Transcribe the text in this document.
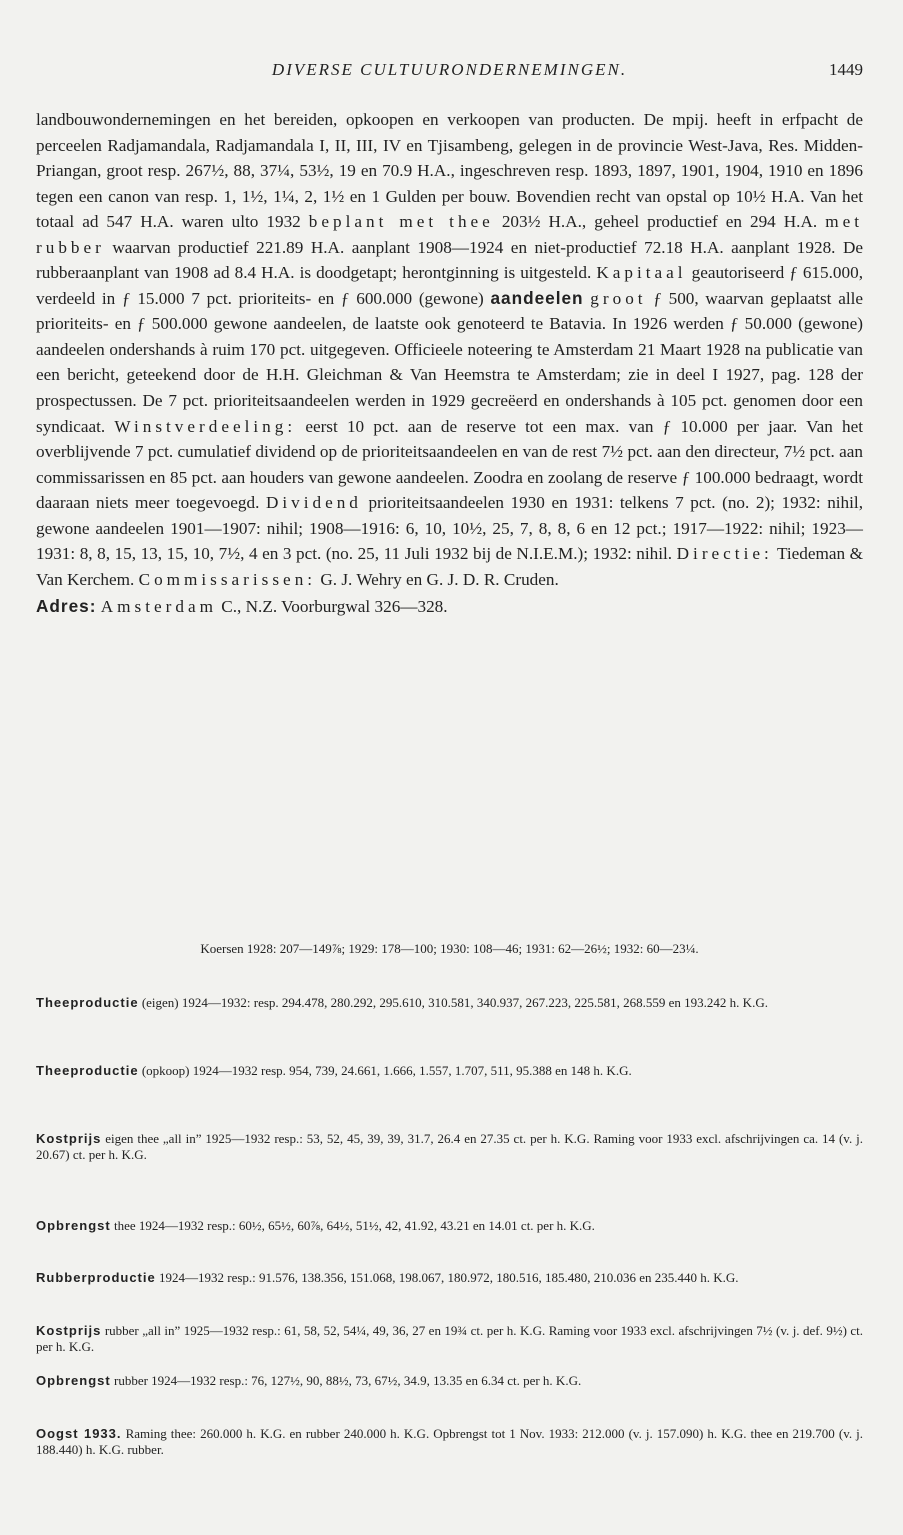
DIVERSE CULTUURONDERNEMINGEN.	1449

landbouwondernemingen en het bereiden, opkoopen en verkoopen van producten. De mpij. heeft in erfpacht de perceelen Radjamandala, Radjamandala I, II, III, IV en Tjisambeng, gelegen in de provincie West-Java, Res. Midden-Priangan, groot resp. 267½, 88, 37¼, 53½, 19 en 70.9 H.A., ingeschreven resp. 1893, 1897, 1901, 1904, 1910 en 1896 tegen een canon van resp. 1, 1½, 1¼, 2, 1½ en 1 Gulden per bouw. Bovendien recht van opstal op 10½ H.A. Van het totaal ad 547 H.A. waren ulto 1932 beplant met thee 203½ H.A., geheel productief en 294 H.A. met rubber waarvan productief 221.89 H.A. aanplant 1908—1924 en niet-productief 72.18 H.A. aanplant 1928. De rubberaanplant van 1908 ad 8.4 H.A. is doodgetapt; herontginning is uitgesteld. Kapitaal geautoriseerd ƒ 615.000, verdeeld in ƒ 15.000 7 pct. prioriteits- en ƒ 600.000 (gewone) aandeelen groot ƒ 500, waarvan geplaatst alle prioriteits- en ƒ 500.000 gewone aandeelen, de laatste ook genoteerd te Batavia. In 1926 werden ƒ 50.000 (gewone) aandeelen ondershands à ruim 170 pct. uitgegeven. Officieele noteering te Amsterdam 21 Maart 1928 na publicatie van een bericht, geteekend door de H.H. Gleichman & Van Heemstra te Amsterdam; zie in deel I 1927, pag. 128 der prospectussen. De 7 pct. prioriteitsaandeelen werden in 1929 gecreëerd en ondershands à 105 pct. genomen door een syndicaat. Winstverdeeling: eerst 10 pct. aan de reserve tot een max. van ƒ 10.000 per jaar. Van het overblijvende 7 pct. cumulatief dividend op de prioriteitsaandeelen en van de rest 7½ pct. aan den directeur, 7½ pct. aan commissarissen en 85 pct. aan houders van gewone aandeelen. Zoodra en zoolang de reserve ƒ 100.000 bedraagt, wordt daaraan niets meer toegevoegd. Dividend prioriteitsaandeelen 1930 en 1931: telkens 7 pct. (no. 2); 1932: nihil, gewone aandeelen 1901—1907: nihil; 1908—1916: 6, 10, 10½, 25, 7, 8, 8, 6 en 12 pct.; 1917—1922: nihil; 1923—1931: 8, 8, 15, 13, 15, 10, 7½, 4 en 3 pct. (no. 25, 11 Juli 1932 bij de N.I.E.M.); 1932: nihil. Directie: Tiedeman & Van Kerchem. Commissarissen: G. J. Wehry en G. J. D. R. Cruden.

Adres: Amsterdam C., N.Z. Voorburgwal 326—328.

Koersen 1928: 207—149⅞; 1929: 178—100; 1930: 108—46; 1931: 62—26½; 1932: 60—23¼.
Theeproductie (eigen) 1924—1932: resp. 294.478, 280.292, 295.610, 310.581, 340.937, 267.223, 225.581, 268.559 en 193.242 h. K.G.
Theeproductie (opkoop) 1924—1932 resp. 954, 739, 24.661, 1.666, 1.557, 1.707, 511, 95.388 en 148 h. K.G.
Kostprijs eigen thee „all in” 1925—1932 resp.: 53, 52, 45, 39, 39, 31.7, 26.4 en 27.35 ct. per h. K.G. Raming voor 1933 excl. afschrijvingen ca. 14 (v. j. 20.67) ct. per h. K.G.
Opbrengst thee 1924—1932 resp.: 60½, 65½, 60⅞, 64½, 51½, 42, 41.92, 43.21 en 14.01 ct. per h. K.G.
Rubberproductie 1924—1932 resp.: 91.576, 138.356, 151.068, 198.067, 180.972, 180.516, 185.480, 210.036 en 235.440 h. K.G.
Kostprijs rubber „all in” 1925—1932 resp.: 61, 58, 52, 54¼, 49, 36, 27 en 19¾ ct. per h. K.G. Raming voor 1933 excl. afschrijvingen 7½ (v. j. def. 9½) ct. per h. K.G.
Opbrengst rubber 1924—1932 resp.: 76, 127½, 90, 88½, 73, 67½, 34.9, 13.35 en 6.34 ct. per h. K.G.
Oogst 1933. Raming thee: 260.000 h. K.G. en rubber 240.000 h. K.G. Opbrengst tot 1 Nov. 1933: 212.000 (v. j. 157.090) h. K.G. thee en 219.700 (v. j. 188.440) h. K.G. rubber.
